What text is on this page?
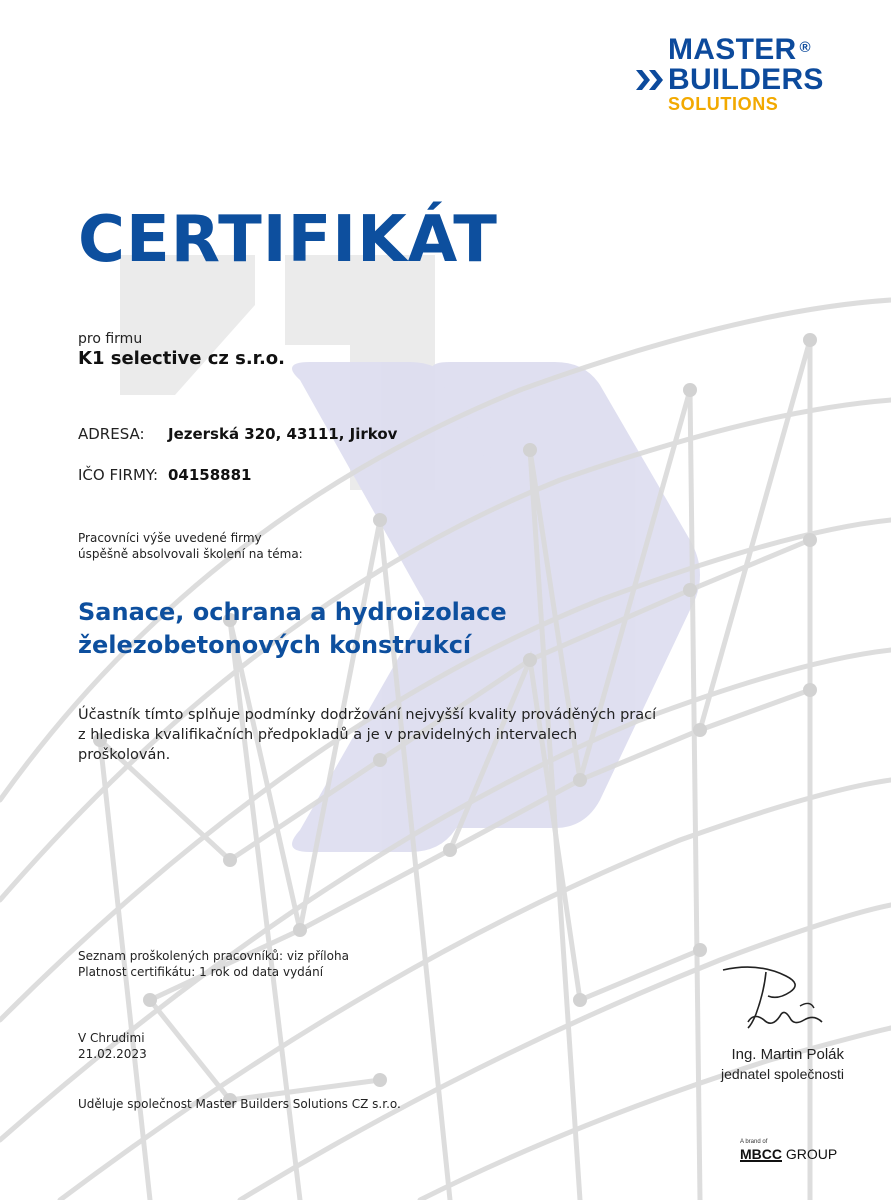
MASTER ®
BUILDERS
SOLUTIONS
CERTIFIKÁT
pro firmu
K1 selective cz s.r.o.
ADRESA: Jezerská 320, 43111, Jirkov
IČO FIRMY: 04158881
Pracovníci výše uvedené firmy
úspěšně absolvovali školení na téma:
Sanace, ochrana a hydroizolace
železobetonových konstrukcí
Účastník tímto splňuje podmínky dodržování nejvyšší kvality prováděných prací
z hlediska kvalifikačních předpokladů a je v pravidelných intervalech
proškolován.
Seznam proškolených pracovníků: viz příloha
Platnost certifikátu: 1 rok od data vydání
V Chrudimi
21.02.2023
Uděluje společnost Master Builders Solutions CZ s.r.o.
Ing. Martin Polák
jednatel společnosti
A brand of
MBCC GROUP
